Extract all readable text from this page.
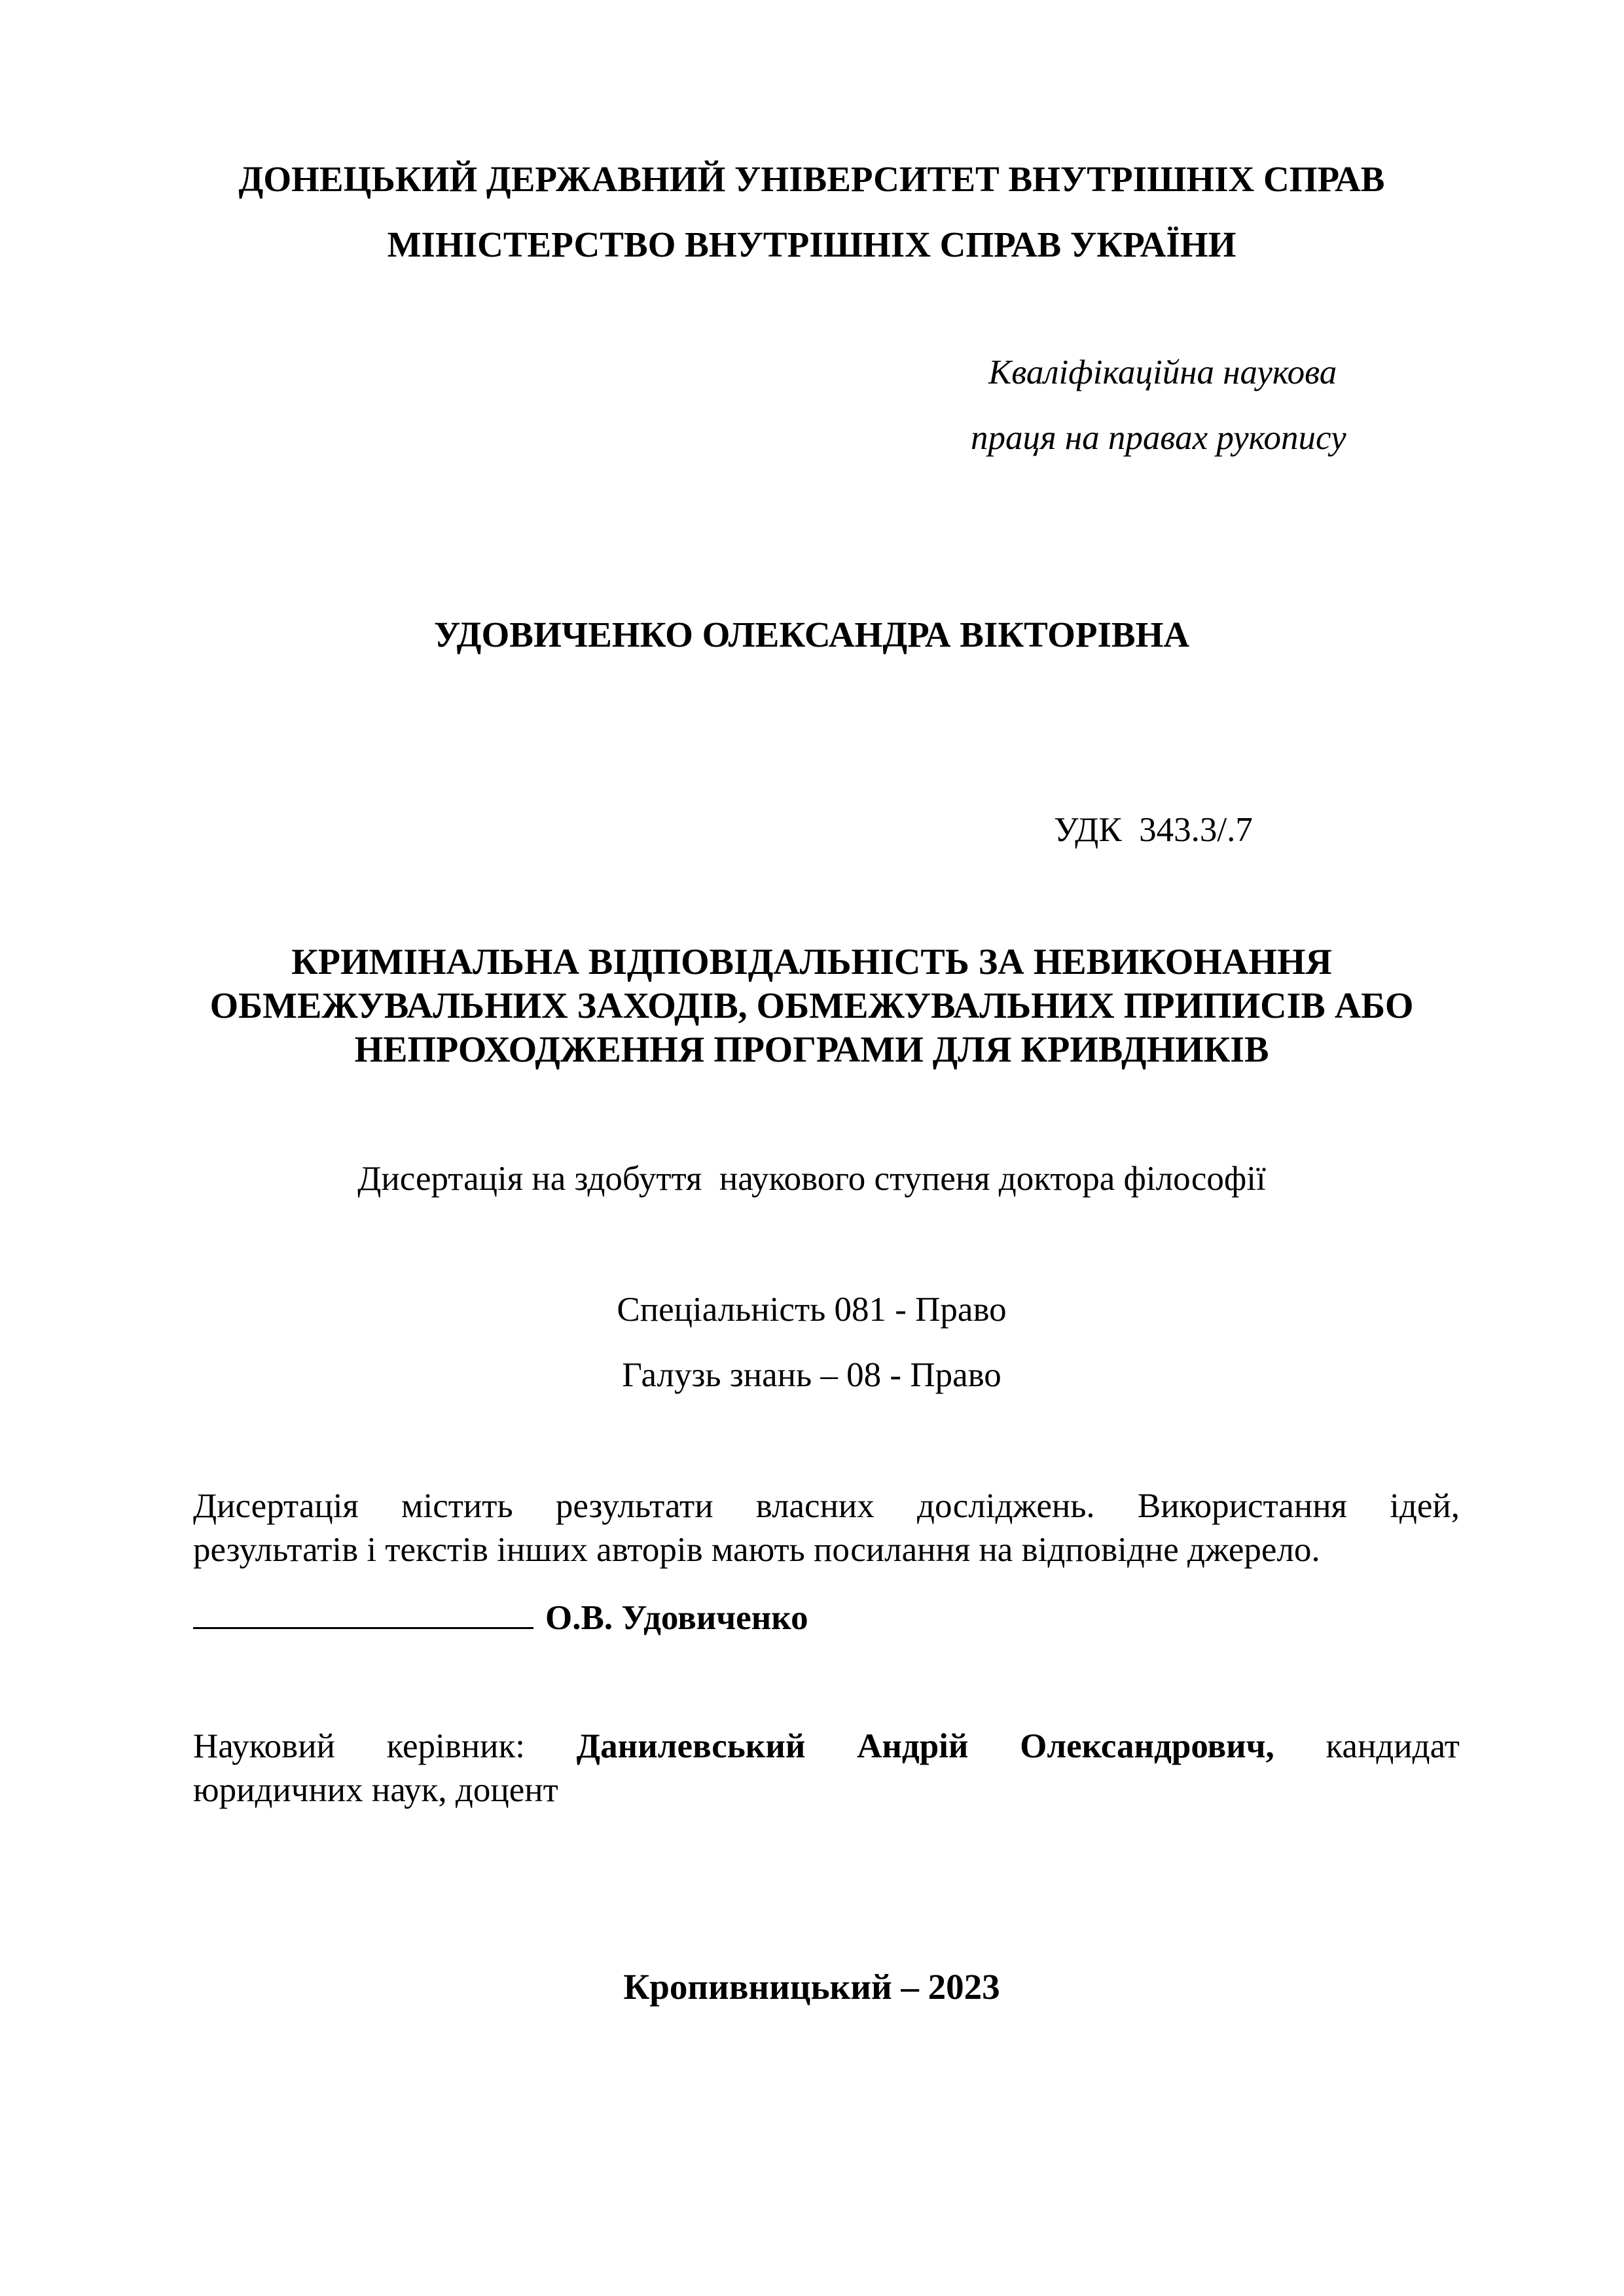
ДОНЕЦЬКИЙ ДЕРЖАВНИЙ УНІВЕРСИТЕТ ВНУТРІШНІХ СПРАВ
МІНІСТЕРСТВО ВНУТРІШНІХ СПРАВ УКРАЇНИ
Кваліфікаційна наукова
праця на правах рукопису
УДОВИЧЕНКО ОЛЕКСАНДРА ВІКТОРІВНА
УДК  343.3/.7
КРИМІНАЛЬНА ВІДПОВІДАЛЬНІСТЬ ЗА НЕВИКОНАННЯ
ОБМЕЖУВАЛЬНИХ ЗАХОДІВ, ОБМЕЖУВАЛЬНИХ ПРИПИСІВ АБО
НЕПРОХОДЖЕННЯ ПРОГРАМИ ДЛЯ КРИВДНИКІВ
Дисертація на здобуття  наукового ступеня доктора філософії
Спеціальність 081 - Право
Галузь знань – 08 - Право
Дисертація містить результати власних досліджень. Використання ідей,
результатів і текстів інших авторів мають посилання на відповідне джерело.
О.В. Удовиченко
Науковий керівник: Данилевський Андрій Олександрович, кандидат
юридичних наук, доцент
Кропивницький – 2023
